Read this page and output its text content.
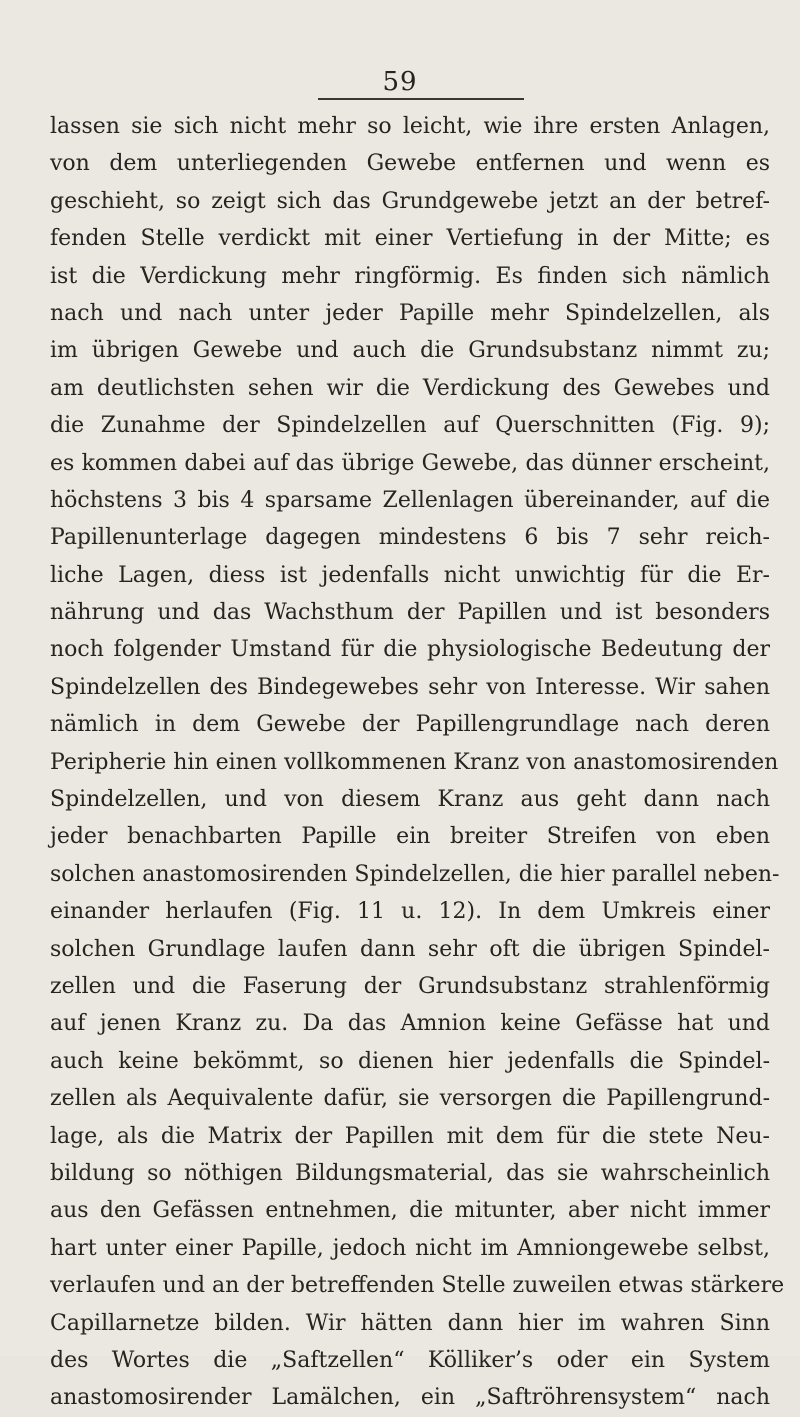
59
lassen sie sich nicht mehr so leicht, wie ihre ersten Anlagen,
von dem unterliegenden Gewebe entfernen und wenn es
geschieht, so zeigt sich das Grundgewebe jetzt an der betref-
fenden Stelle verdickt mit einer Vertiefung in der Mitte; es
ist die Verdickung mehr ringförmig. Es finden sich nämlich
nach und nach unter jeder Papille mehr Spindelzellen, als
im übrigen Gewebe und auch die Grundsubstanz nimmt zu;
am deutlichsten sehen wir die Verdickung des Gewebes und
die Zunahme der Spindelzellen auf Querschnitten (Fig. 9);
es kommen dabei auf das übrige Gewebe, das dünner erscheint,
höchstens 3 bis 4 sparsame Zellenlagen übereinander, auf die
Papillenunterlage dagegen mindestens 6 bis 7 sehr reich-
liche Lagen, diess ist jedenfalls nicht unwichtig für die Er-
nährung und das Wachsthum der Papillen und ist besonders
noch folgender Umstand für die physiologische Bedeutung der
Spindelzellen des Bindegewebes sehr von Interesse. Wir sahen
nämlich in dem Gewebe der Papillengrundlage nach deren
Peripherie hin einen vollkommenen Kranz von anastomosirenden
Spindelzellen, und von diesem Kranz aus geht dann nach
jeder benachbarten Papille ein breiter Streifen von eben
solchen anastomosirenden Spindelzellen, die hier parallel neben-
einander herlaufen (Fig. 11 u. 12). In dem Umkreis einer
solchen Grundlage laufen dann sehr oft die übrigen Spindel-
zellen und die Faserung der Grundsubstanz strahlenförmig
auf jenen Kranz zu. Da das Amnion keine Gefässe hat und
auch keine bekömmt, so dienen hier jedenfalls die Spindel-
zellen als Aequivalente dafür, sie versorgen die Papillengrund-
lage, als die Matrix der Papillen mit dem für die stete Neu-
bildung so nöthigen Bildungsmaterial, das sie wahrscheinlich
aus den Gefässen entnehmen, die mitunter, aber nicht immer
hart unter einer Papille, jedoch nicht im Amniongewebe selbst,
verlaufen und an der betreffenden Stelle zuweilen etwas stärkere
Capillarnetze bilden. Wir hätten dann hier im wahren Sinn
des Wortes die „Saftzellen“ Kölliker’s oder ein System
anastomosirender Lamälchen, ein „Saftröhrensystem“ nach
